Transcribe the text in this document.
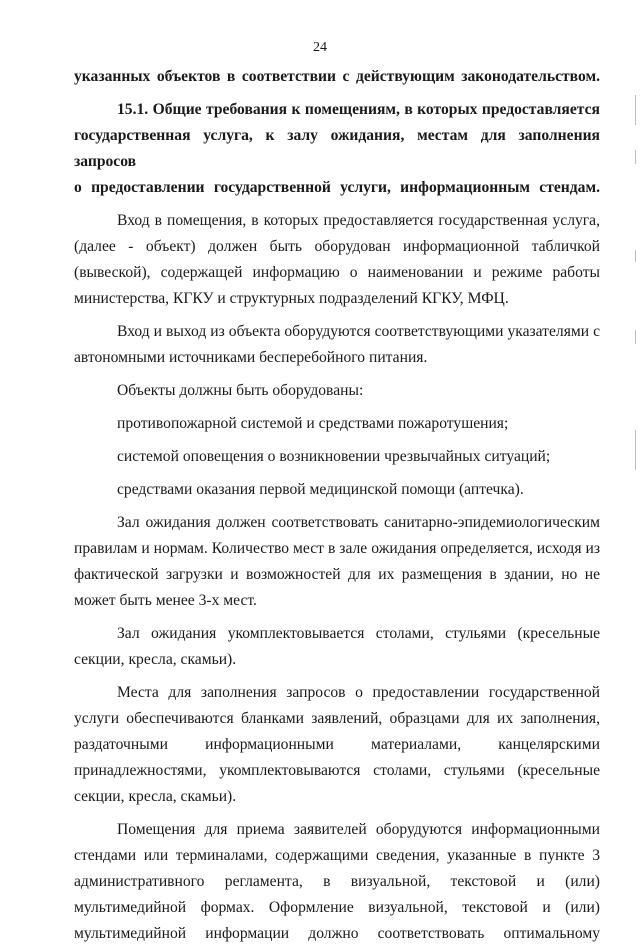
24

указанных объектов в соответствии с действующим законодательством.

15.1. Общие требования к помещениям, в которых предоставляется

государственная услуга, к залу ожидания, местам для заполнения запросов

о предоставлении государственной услуги, информационным стендам.

Вход в помещения, в которых предоставляется государственная услуга,

(далее - объект) должен быть оборудован информационной табличкой

(вывеской), содержащей информацию о наименовании и режиме работы

министерства, КГКУ и структурных подразделений КГКУ, МФЦ.

Вход и выход из объекта оборудуются соответствующими указателями с

автономными источниками бесперебойного питания.

Объекты должны быть оборудованы:

противопожарной системой и средствами пожаротушения;

системой оповещения о возникновении чрезвычайных ситуаций;

средствами оказания первой медицинской помощи (аптечка).

Зал ожидания должен соответствовать санитарно-эпидемиологическим

правилам и нормам. Количество мест в зале ожидания определяется, исходя из

фактической загрузки и возможностей для их размещения в здании, но не

может быть менее 3-х мест.

Зал ожидания укомплектовывается столами, стульями (кресельные

секции, кресла, скамьи).

Места для заполнения запросов о предоставлении государственной

услуги обеспечиваются бланками заявлений, образцами для их заполнения,

раздаточными информационными материалами, канцелярскими

принадлежностями, укомплектовываются столами, стульями (кресельные

секции, кресла, скамьи).

Помещения для приема заявителей оборудуются информационными

стендами или терминалами, содержащими сведения, указанные в пункте 3

административного регламента, в визуальной, текстовой и (или)

мультимедийной формах. Оформление визуальной, текстовой и (или)

мультимедийной информации должно соответствовать оптимальному
